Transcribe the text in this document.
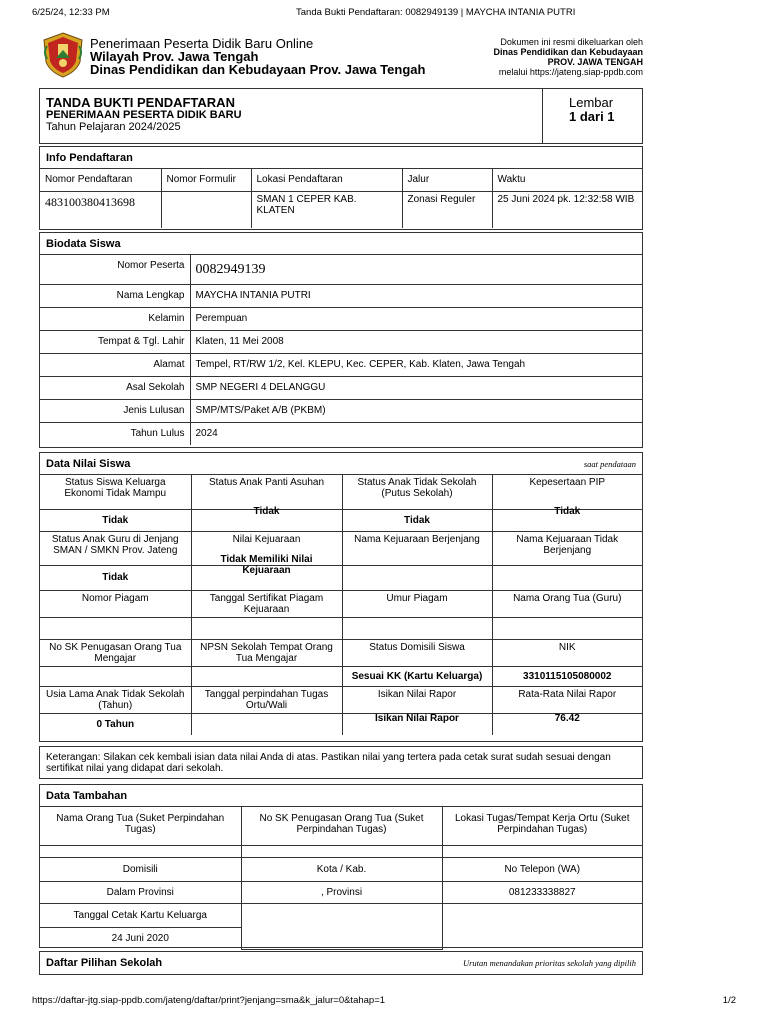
6/25/24, 12:33 PM	Tanda Bukti Pendaftaran: 0082949139 | MAYCHA INTANIA PUTRI
Penerimaan Peserta Didik Baru Online
Wilayah Prov. Jawa Tengah
Dinas Pendidikan dan Kebudayaan Prov. Jawa Tengah
Dokumen ini resmi dikeluarkan oleh
Dinas Pendidikan dan Kebudayaan
PROV. JAWA TENGAH
melalui https://jateng.siap-ppdb.com
TANDA BUKTI PENDAFTARAN
PENERIMAAN PESERTA DIDIK BARU
Tahun Pelajaran 2024/2025
Lembar
1 dari 1
Info Pendaftaran
Nomor Pendaftaran	Nomor Formulir	Lokasi Pendaftaran	Jalur	Waktu
483100380413698		SMAN 1 CEPER KAB. KLATEN	Zonasi Reguler	25 Juni 2024 pk. 12:32:58 WIB
Biodata Siswa
Nomor Peserta	0082949139
Nama Lengkap	MAYCHA INTANIA PUTRI
Kelamin	Perempuan
Tempat & Tgl. Lahir	Klaten, 11 Mei 2008
Alamat	Tempel, RT/RW 1/2, Kel. KLEPU, Kec. CEPER, Kab. Klaten, Jawa Tengah
Asal Sekolah	SMP NEGERI 4 DELANGGU
Jenis Lulusan	SMP/MTS/Paket A/B (PKBM)
Tahun Lulus	2024
Data Nilai Siswa	saat pendataan
Status Siswa Keluarga Ekonomi Tidak Mampu	Status Anak Panti Asuhan	Status Anak Tidak Sekolah (Putus Sekolah)	Kepesertaan PIP
Tidak	Tidak	Tidak	Tidak
Status Anak Guru di Jenjang SMAN / SMKN Prov. Jateng	Nilai Kejuaraan	Nama Kejuaraan Berjenjang	Nama Kejuaraan Tidak Berjenjang
Tidak	Tidak Memiliki Nilai Kejuaraan		
Nomor Piagam	Tanggal Sertifikat Piagam Kejuaraan	Umur Piagam	Nama Orang Tua (Guru)

No SK Penugasan Orang Tua Mengajar	NPSN Sekolah Tempat Orang Tua Mengajar	Status Domisili Siswa	NIK
		Sesuai KK (Kartu Keluarga)	3310115105080002
Usia Lama Anak Tidak Sekolah (Tahun)	Tanggal perpindahan Tugas Ortu/Wali	Isikan Nilai Rapor	Rata-Rata Nilai Rapor
0 Tahun		Isikan Nilai Rapor	76.42
Keterangan: Silakan cek kembali isian data nilai Anda di atas. Pastikan nilai yang tertera pada cetak surat sudah sesuai dengan sertifikat nilai yang didapat dari sekolah.
Data Tambahan
Nama Orang Tua (Suket Perpindahan Tugas)	No SK Penugasan Orang Tua (Suket Perpindahan Tugas)	Lokasi Tugas/Tempat Kerja Ortu (Suket Perpindahan Tugas)

Domisili	Kota / Kab.	No Telepon (WA)
Dalam Provinsi	, Provinsi	081233338827
Tanggal Cetak Kartu Keluarga		
24 Juni 2020		
Daftar Pilihan Sekolah	Urutan menandakan prioritas sekolah yang dipilih
https://daftar-jtg.siap-ppdb.com/jateng/daftar/print?jenjang=sma&k_jalur=0&tahap=1	1/2
